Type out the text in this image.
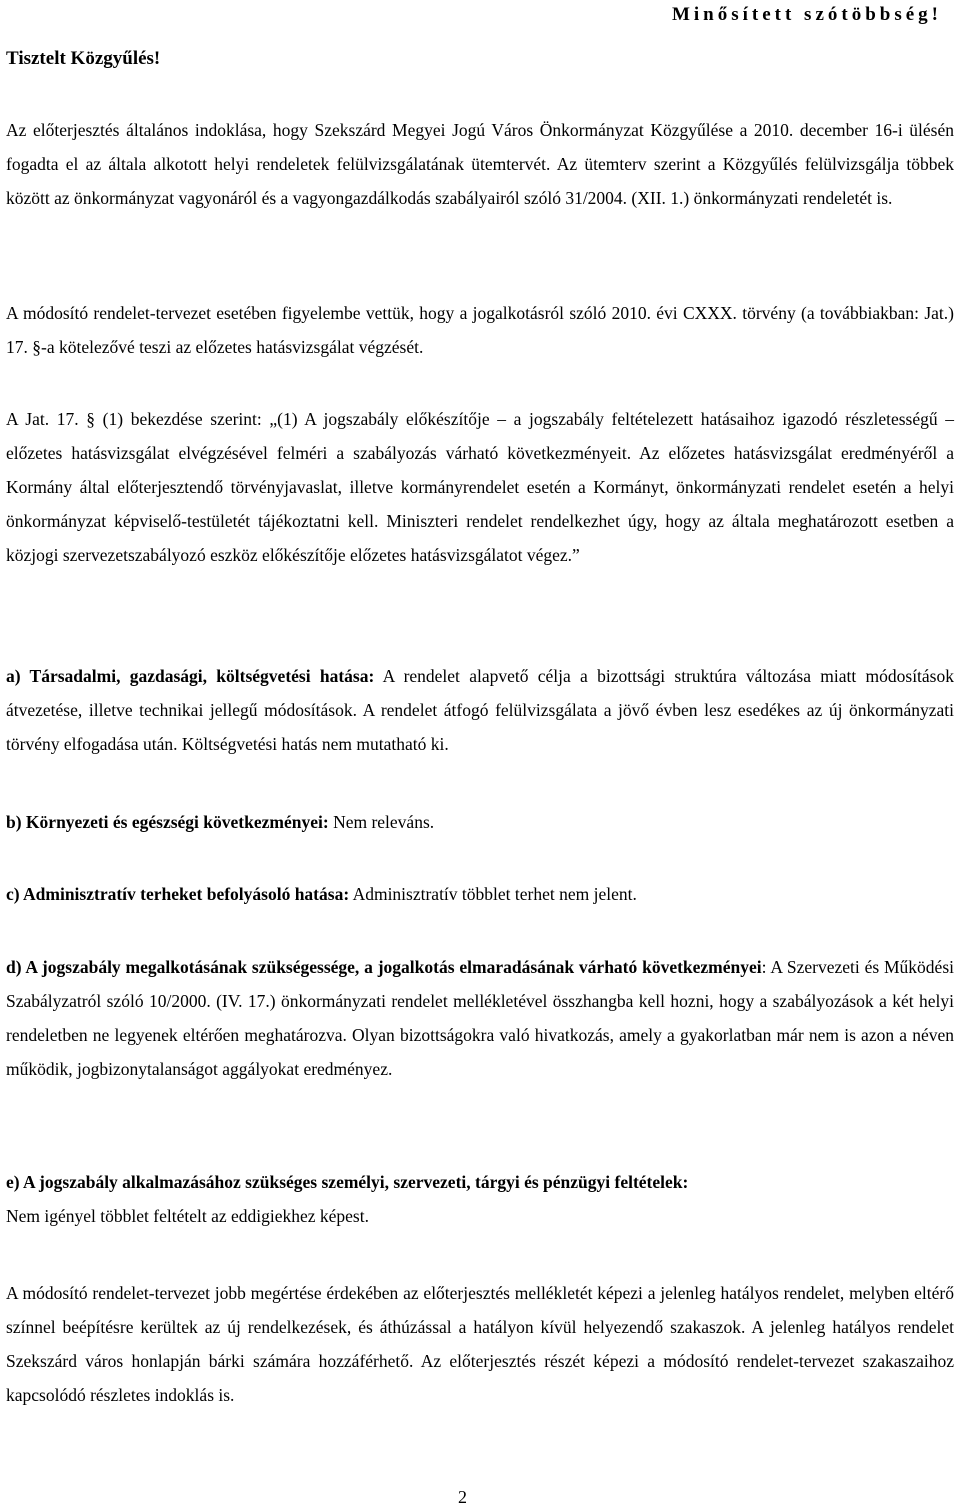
Minősített szótöbbség!
Tisztelt Közgyűlés!
Az előterjesztés általános indoklása, hogy Szekszárd Megyei Jogú Város Önkormányzat Közgyűlése a 2010. december 16-i ülésén fogadta el az általa alkotott helyi rendeletek felülvizsgálatának ütemtervét. Az ütemterv szerint a Közgyűlés felülvizsgálja többek között az önkormányzat vagyonáról és a vagyongazdálkodás szabályairól szóló 31/2004. (XII. 1.) önkormányzati rendeletét is.
A módosító rendelet-tervezet esetében figyelembe vettük, hogy a jogalkotásról szóló 2010. évi CXXX. törvény (a továbbiakban: Jat.) 17. §-a kötelezővé teszi az előzetes hatásvizsgálat végzését.
A Jat. 17. § (1) bekezdése szerint: „(1) A jogszabály előkészítője – a jogszabály feltételezett hatásaihoz igazodó részletességű – előzetes hatásvizsgálat elvégzésével felméri a szabályozás várható következményeit. Az előzetes hatásvizsgálat eredményéről a Kormány által előterjesztendő törvényjavaslat, illetve kormányrendelet esetén a Kormányt, önkormányzati rendelet esetén a helyi önkormányzat képviselő-testületét tájékoztatni kell. Miniszteri rendelet rendelkezhet úgy, hogy az általa meghatározott esetben a közjogi szervezetszabályozó eszköz előkészítője előzetes hatásvizsgálatot végez.”
a) Társadalmi, gazdasági, költségvetési hatása: A rendelet alapvető célja a bizottsági struktúra változása miatt módosítások átvezetése, illetve technikai jellegű módosítások. A rendelet átfogó felülvizsgálata a jövő évben lesz esedékes az új önkormányzati törvény elfogadása után. Költségvetési hatás nem mutatható ki.
b) Környezeti és egészségi következményei: Nem releváns.
c) Adminisztratív terheket befolyásoló hatása: Adminisztratív többlet terhet nem jelent.
d) A jogszabály megalkotásának szükségessége, a jogalkotás elmaradásának várható következményei: A Szervezeti és Működési Szabályzatról szóló 10/2000. (IV. 17.) önkormányzati rendelet mellékletével összhangba kell hozni, hogy a szabályozások a két helyi rendeletben ne legyenek eltérően meghatározva. Olyan bizottságokra való hivatkozás, amely a gyakorlatban már nem is azon a néven működik, jogbizonytalanságot aggályokat eredményez.
e) A jogszabály alkalmazásához szükséges személyi, szervezeti, tárgyi és pénzügyi feltételek:
Nem igényel többlet feltételt az eddigiekhez képest.
A módosító rendelet-tervezet jobb megértése érdekében az előterjesztés mellékletét képezi a jelenleg hatályos rendelet, melyben eltérő színnel beépítésre kerültek az új rendelkezések, és áthúzással a hatályon kívül helyezendő szakaszok. A jelenleg hatályos rendelet Szekszárd város honlapján bárki számára hozzáférhető. Az előterjesztés részét képezi a módosító rendelet-tervezet szakaszaihoz kapcsolódó részletes indoklás is.
2
